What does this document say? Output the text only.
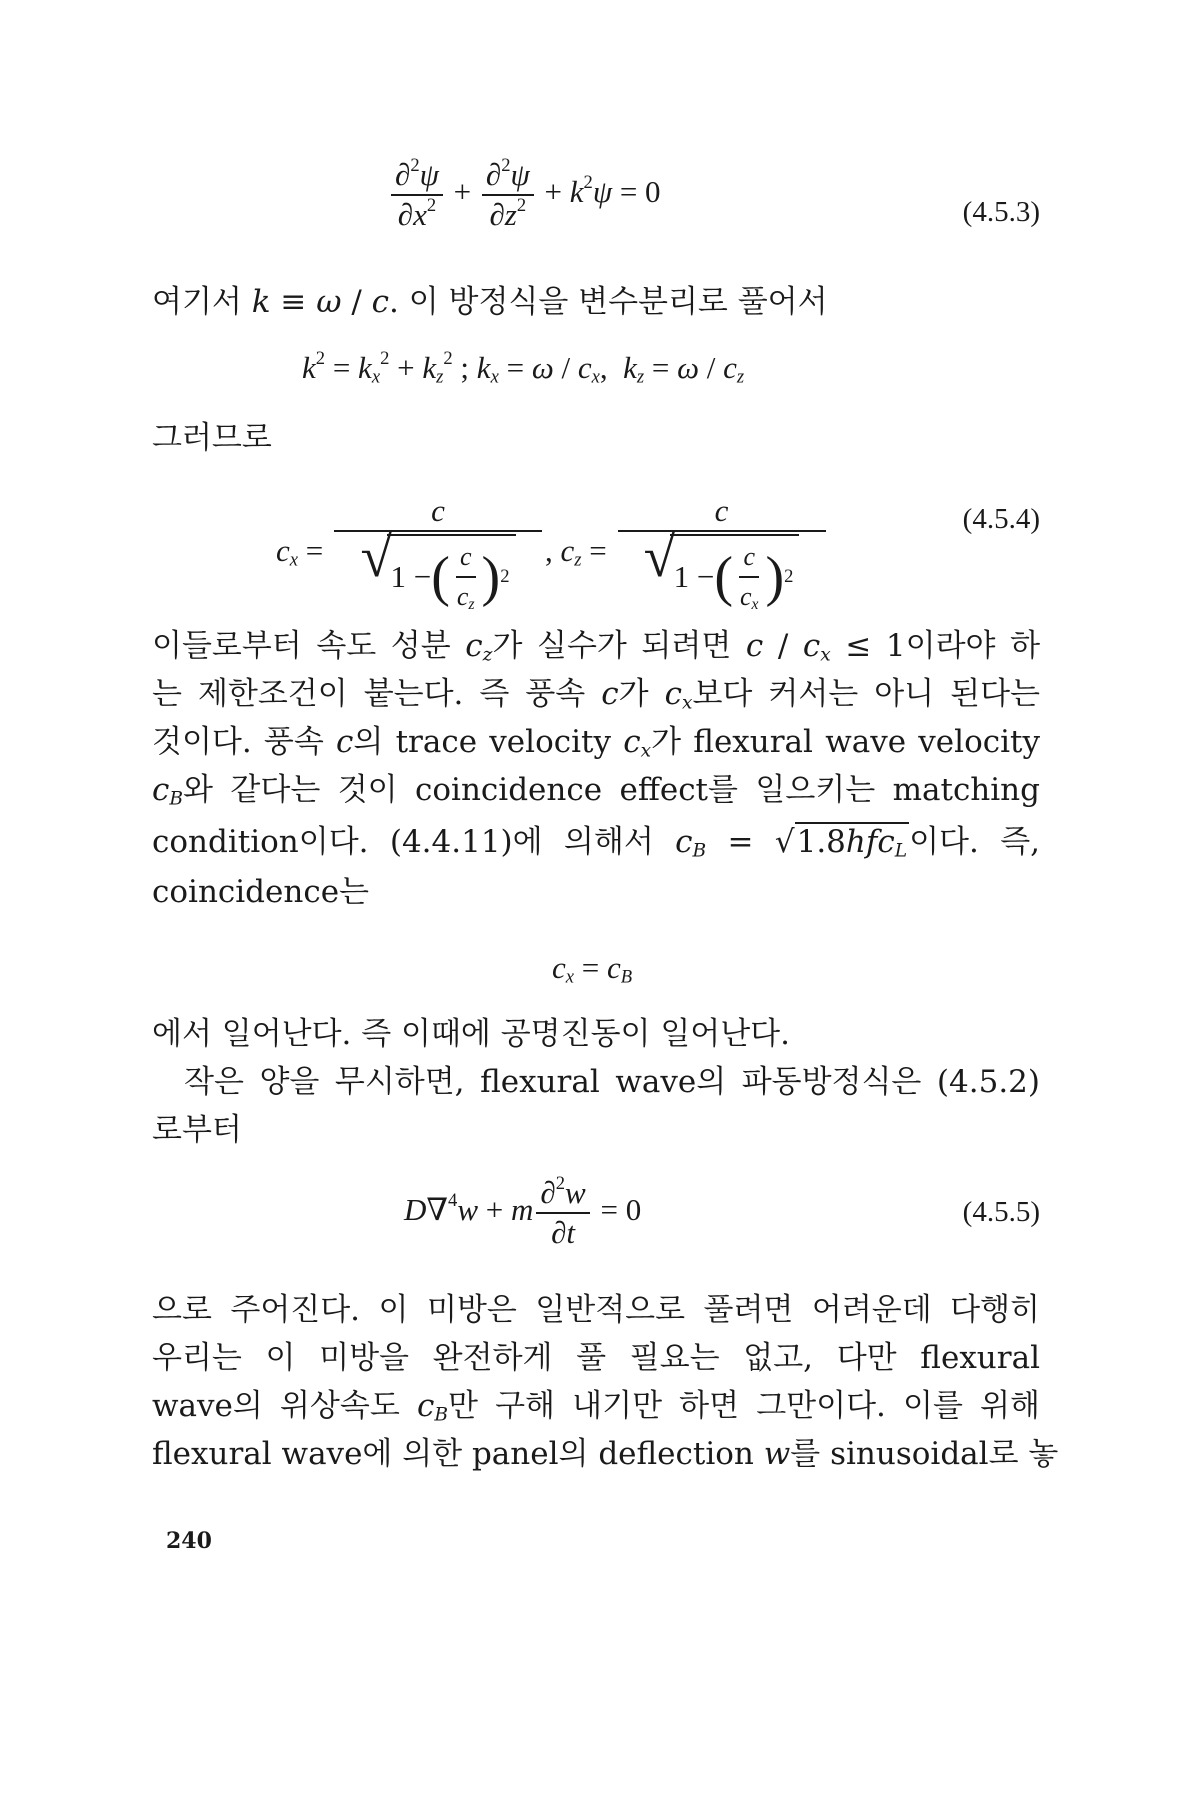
$\frac{\partial^2\psi}{\partial x^2} + \frac{\partial^2\psi}{\partial z^2} + k^2\psi = 0$
(4.5.3)
여기서 k ≡ ω / c. 이 방정식을 변수분리로 풀어서
$k^2 = k_x^2 + k_z^2$ ; $k_x = \omega / c_x$,  $k_z = \omega / c_z$
그러므로
$c_x = c$
√
1 − ( $\frac{c}{c_z}$ ) 2 , $c_z = c$
√
1 − ( $\frac{c}{c_x}$ ) 2	(4.5.4)
이들로부터 속도 성분 $c_z$가 실수가 되려면 $c / c_x \le 1$이라야 하
는 제한조건이 붙는다. 즉 풍속 c가 $c_x$보다 커서는 아니 된다는
것이다. 풍속 c의 trace velocity $c_x$가 flexural wave velocity
$c_B$와 같다는 것이 coincidence effect를 일으키는 matching
condition이다. (4.4.11)에 의해서 $c_B = √1.8hfc_L$이다. 즉,
coincidence는
$c_x = c_B$
에서 일어난다. 즉 이때에 공명진동이 일어난다.
작은 양을 무시하면, flexural wave의 파동방정식은 (4.5.2)
로부터
D∇$^4$w + m $\frac{\partial^2w}{\partial t} = 0$	(4.5.5)
으로 주어진다. 이 미방은 일반적으로 풀려면 어려운데 다행히
우리는 이 미방을 완전하게 풀 필요는 없고, 다만 flexural
wave의 위상속도 $c_B$만 구해 내기만 하면 그만이다. 이를 위해
flexural wave에 의한 panel의 deflection w를 sinusoidal로 놓
240
